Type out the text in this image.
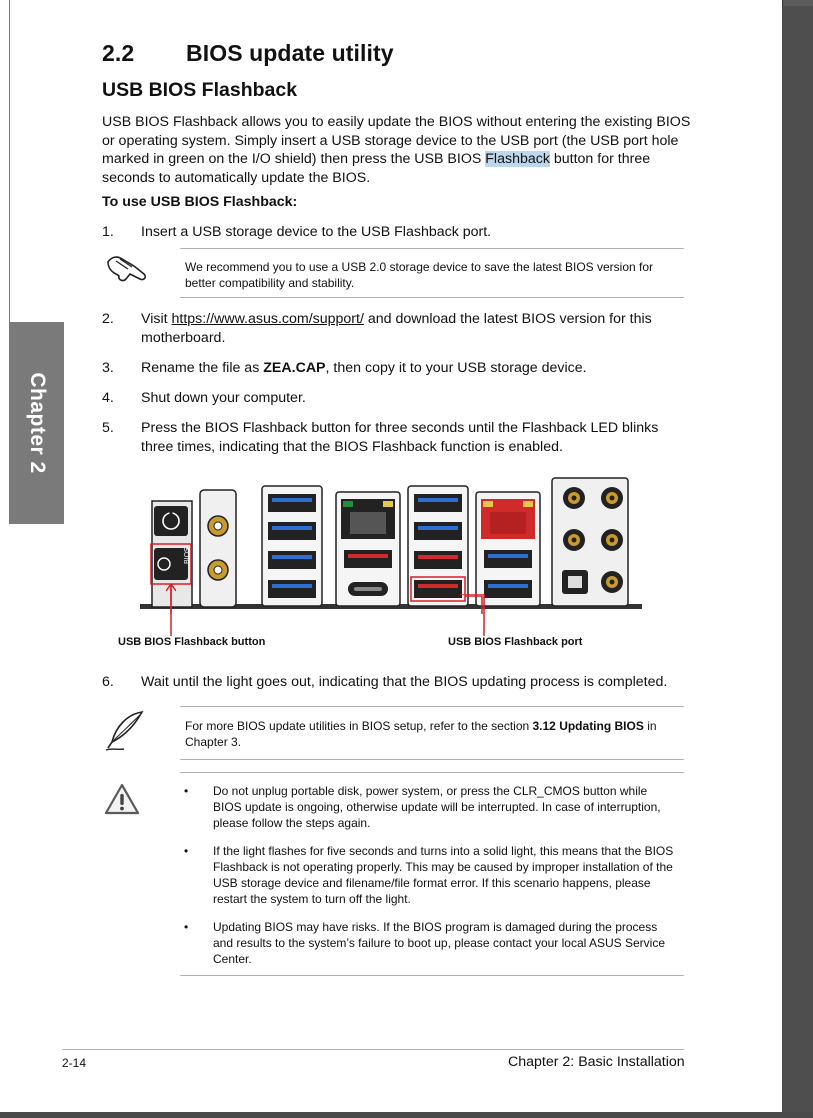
2.2 BIOS update utility
USB BIOS Flashback
USB BIOS Flashback allows you to easily update the BIOS without entering the existing BIOS or operating system. Simply insert a USB storage device to the USB port (the USB port hole marked in green on the I/O shield) then press the USB BIOS Flashback button for three seconds to automatically update the BIOS.
To use USB BIOS Flashback:
1. Insert a USB storage device to the USB Flashback port.
We recommend you to use a USB 2.0 storage device to save the latest BIOS version for better compatibility and stability.
2. Visit https://www.asus.com/support/ and download the latest BIOS version for this motherboard.
3. Rename the file as ZEA.CAP, then copy it to your USB storage device.
4. Shut down your computer.
5. Press the BIOS Flashback button for three seconds until the Flashback LED blinks three times, indicating that the BIOS Flashback function is enabled.
BIOS
USB BIOS Flashback button	USB BIOS Flashback port
6. Wait until the light goes out, indicating that the BIOS updating process is completed.
For more BIOS update utilities in BIOS setup, refer to the section 3.12 Updating BIOS in Chapter 3.
• Do not unplug portable disk, power system, or press the CLR_CMOS button while BIOS update is ongoing, otherwise update will be interrupted. In case of interruption, please follow the steps again.
• If the light flashes for five seconds and turns into a solid light, this means that the BIOS Flashback is not operating properly. This may be caused by improper installation of the USB storage device and filename/file format error. If this scenario happens, please restart the system to turn off the light.
• Updating BIOS may have risks. If the BIOS program is damaged during the process and results to the system’s failure to boot up, please contact your local ASUS Service Center.
Chapter 2
2-14	Chapter 2: Basic Installation
